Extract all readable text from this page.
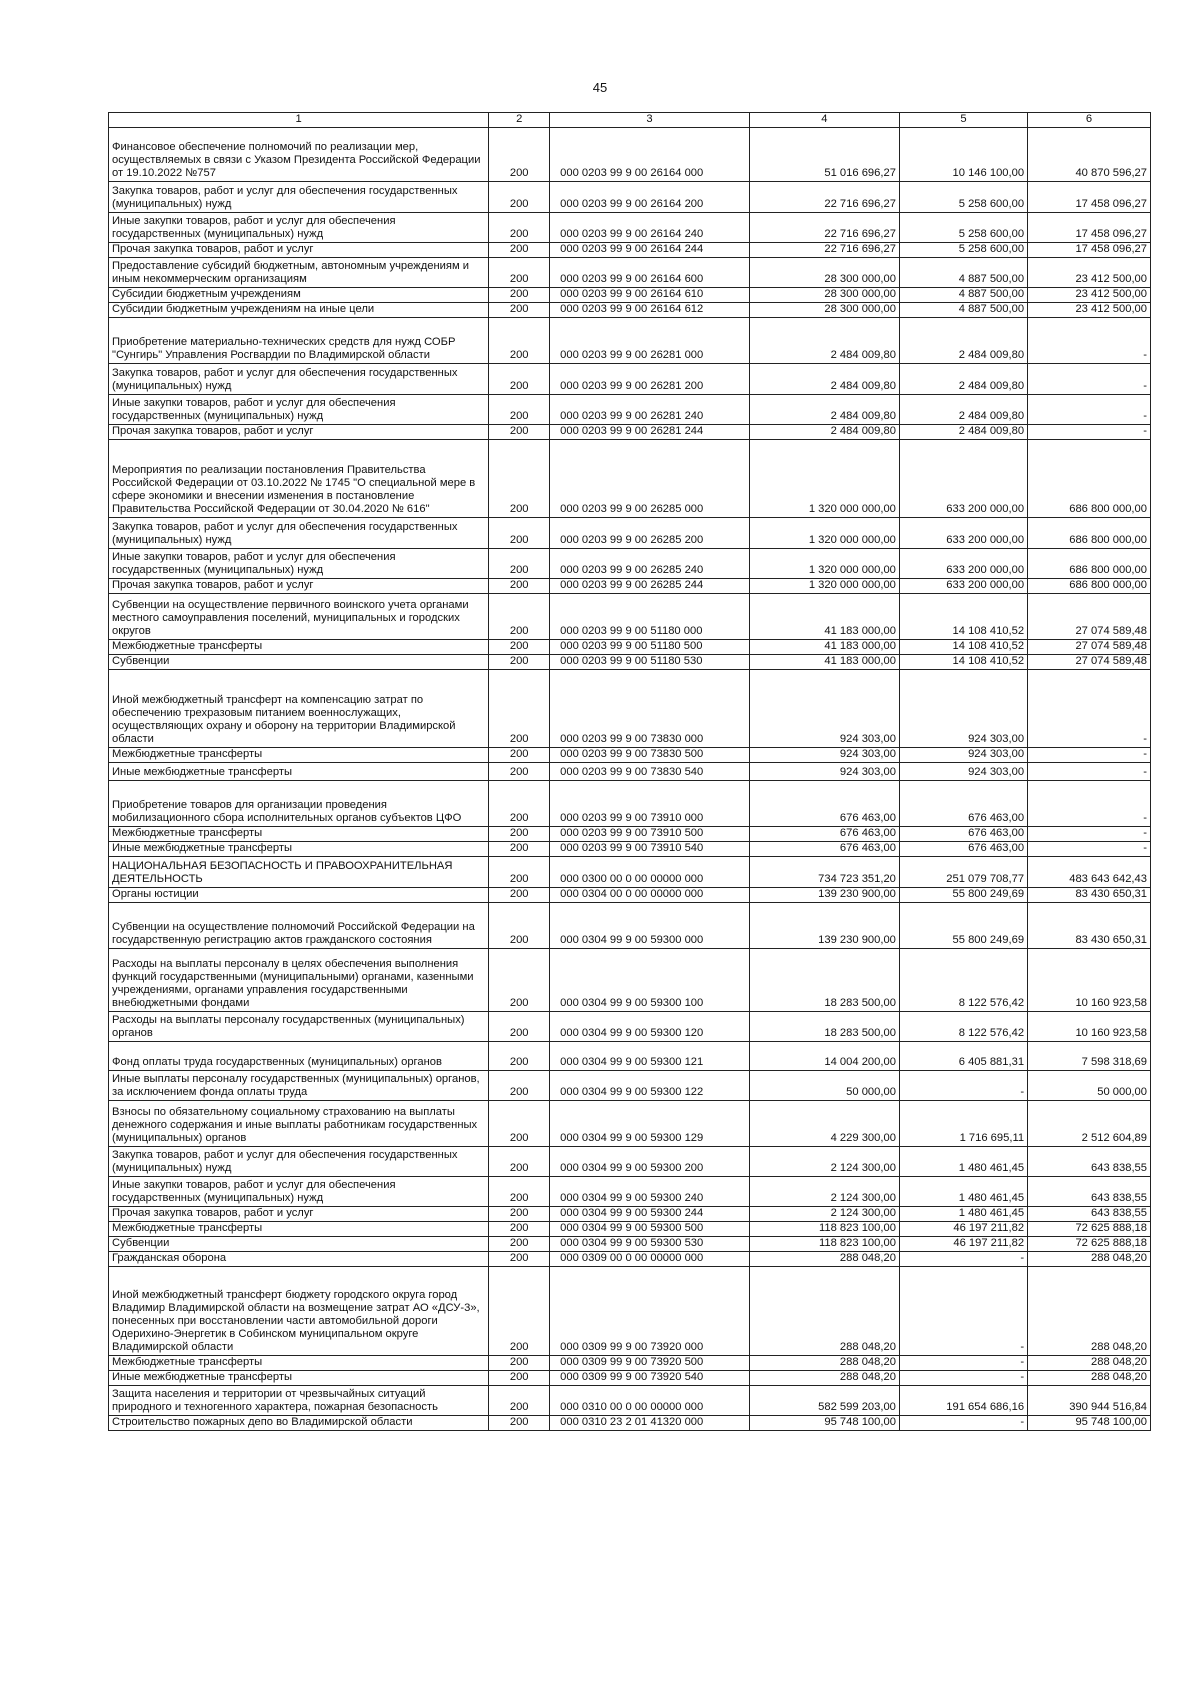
45
1	2	3	4	5	6
Финансовое обеспечение полномочий по реализации мер, осуществляемых в связи с Указом Президента Российской Федерации от 19.10.2022 №757	200	000 0203 99 9 00 26164 000	51 016 696,27	10 146 100,00	40 870 596,27
Закупка товаров, работ и услуг для обеспечения государственных (муниципальных) нужд	200	000 0203 99 9 00 26164 200	22 716 696,27	5 258 600,00	17 458 096,27
Иные закупки товаров, работ и услуг для обеспечения государственных (муниципальных) нужд	200	000 0203 99 9 00 26164 240	22 716 696,27	5 258 600,00	17 458 096,27
Прочая закупка товаров, работ и услуг	200	000 0203 99 9 00 26164 244	22 716 696,27	5 258 600,00	17 458 096,27
Предоставление субсидий бюджетным, автономным учреждениям и иным некоммерческим организациям	200	000 0203 99 9 00 26164 600	28 300 000,00	4 887 500,00	23 412 500,00
Субсидии бюджетным учреждениям	200	000 0203 99 9 00 26164 610	28 300 000,00	4 887 500,00	23 412 500,00
Субсидии бюджетным учреждениям на иные цели	200	000 0203 99 9 00 26164 612	28 300 000,00	4 887 500,00	23 412 500,00
Приобретение материально-технических средств для нужд СОБР "Сунгирь" Управления Росгвардии по Владимирской области	200	000 0203 99 9 00 26281 000	2 484 009,80	2 484 009,80	-
Закупка товаров, работ и услуг для обеспечения государственных (муниципальных) нужд	200	000 0203 99 9 00 26281 200	2 484 009,80	2 484 009,80	-
Иные закупки товаров, работ и услуг для обеспечения государственных (муниципальных) нужд	200	000 0203 99 9 00 26281 240	2 484 009,80	2 484 009,80	-
Прочая закупка товаров, работ и услуг	200	000 0203 99 9 00 26281 244	2 484 009,80	2 484 009,80	-
Мероприятия по реализации постановления Правительства Российской Федерации от 03.10.2022 № 1745 "О специальной мере в сфере экономики и внесении изменения в постановление Правительства Российской Федерации от 30.04.2020 № 616"	200	000 0203 99 9 00 26285 000	1 320 000 000,00	633 200 000,00	686 800 000,00
Закупка товаров, работ и услуг для обеспечения государственных (муниципальных) нужд	200	000 0203 99 9 00 26285 200	1 320 000 000,00	633 200 000,00	686 800 000,00
Иные закупки товаров, работ и услуг для обеспечения государственных (муниципальных) нужд	200	000 0203 99 9 00 26285 240	1 320 000 000,00	633 200 000,00	686 800 000,00
Прочая закупка товаров, работ и услуг	200	000 0203 99 9 00 26285 244	1 320 000 000,00	633 200 000,00	686 800 000,00
Субвенции на осуществление первичного воинского учета органами местного самоуправления поселений, муниципальных и городских округов	200	000 0203 99 9 00 51180 000	41 183 000,00	14 108 410,52	27 074 589,48
Межбюджетные трансферты	200	000 0203 99 9 00 51180 500	41 183 000,00	14 108 410,52	27 074 589,48
Субвенции	200	000 0203 99 9 00 51180 530	41 183 000,00	14 108 410,52	27 074 589,48
Иной межбюджетный трансферт на компенсацию затрат по обеспечению трехразовым питанием военнослужащих, осуществляющих охрану и оборону на территории Владимирской области	200	000 0203 99 9 00 73830 000	924 303,00	924 303,00	-
Межбюджетные трансферты	200	000 0203 99 9 00 73830 500	924 303,00	924 303,00	-
Иные межбюджетные трансферты	200	000 0203 99 9 00 73830 540	924 303,00	924 303,00	-
Приобретение товаров для организации проведения мобилизационного сбора исполнительных органов субъектов ЦФО	200	000 0203 99 9 00 73910 000	676 463,00	676 463,00	-
Межбюджетные трансферты	200	000 0203 99 9 00 73910 500	676 463,00	676 463,00	-
Иные межбюджетные трансферты	200	000 0203 99 9 00 73910 540	676 463,00	676 463,00	-
НАЦИОНАЛЬНАЯ БЕЗОПАСНОСТЬ И ПРАВООХРАНИТЕЛЬНАЯ ДЕЯТЕЛЬНОСТЬ	200	000 0300 00 0 00 00000 000	734 723 351,20	251 079 708,77	483 643 642,43
Органы юстиции	200	000 0304 00 0 00 00000 000	139 230 900,00	55 800 249,69	83 430 650,31
Субвенции на осуществление полномочий Российской Федерации на государственную регистрацию актов гражданского состояния	200	000 0304 99 9 00 59300 000	139 230 900,00	55 800 249,69	83 430 650,31
Расходы на выплаты персоналу в целях обеспечения выполнения функций государственными (муниципальными) органами, казенными учреждениями, органами управления государственными внебюджетными фондами	200	000 0304 99 9 00 59300 100	18 283 500,00	8 122 576,42	10 160 923,58
Расходы на выплаты персоналу государственных (муниципальных) органов	200	000 0304 99 9 00 59300 120	18 283 500,00	8 122 576,42	10 160 923,58
Фонд оплаты труда государственных (муниципальных) органов	200	000 0304 99 9 00 59300 121	14 004 200,00	6 405 881,31	7 598 318,69
Иные выплаты персоналу государственных (муниципальных) органов, за исключением фонда оплаты труда	200	000 0304 99 9 00 59300 122	50 000,00	-	50 000,00
Взносы по обязательному социальному страхованию на выплаты денежного содержания и иные выплаты работникам государственных (муниципальных) органов	200	000 0304 99 9 00 59300 129	4 229 300,00	1 716 695,11	2 512 604,89
Закупка товаров, работ и услуг для обеспечения государственных (муниципальных) нужд	200	000 0304 99 9 00 59300 200	2 124 300,00	1 480 461,45	643 838,55
Иные закупки товаров, работ и услуг для обеспечения государственных (муниципальных) нужд	200	000 0304 99 9 00 59300 240	2 124 300,00	1 480 461,45	643 838,55
Прочая закупка товаров, работ и услуг	200	000 0304 99 9 00 59300 244	2 124 300,00	1 480 461,45	643 838,55
Межбюджетные трансферты	200	000 0304 99 9 00 59300 500	118 823 100,00	46 197 211,82	72 625 888,18
Субвенции	200	000 0304 99 9 00 59300 530	118 823 100,00	46 197 211,82	72 625 888,18
Гражданская оборона	200	000 0309 00 0 00 00000 000	288 048,20	-	288 048,20
Иной межбюджетный трансферт бюджету городского округа город Владимир Владимирской области на возмещение затрат АО «ДСУ-3», понесенных при восстановлении части автомобильной дороги Одерихино-Энергетик в Собинском муниципальном округе Владимирской области	200	000 0309 99 9 00 73920 000	288 048,20	-	288 048,20
Межбюджетные трансферты	200	000 0309 99 9 00 73920 500	288 048,20	-	288 048,20
Иные межбюджетные трансферты	200	000 0309 99 9 00 73920 540	288 048,20	-	288 048,20
Защита населения и территории от чрезвычайных ситуаций природного и техногенного характера, пожарная безопасность	200	000 0310 00 0 00 00000 000	582 599 203,00	191 654 686,16	390 944 516,84
Строительство пожарных депо во Владимирской области	200	000 0310 23 2 01 41320 000	95 748 100,00	-	95 748 100,00
